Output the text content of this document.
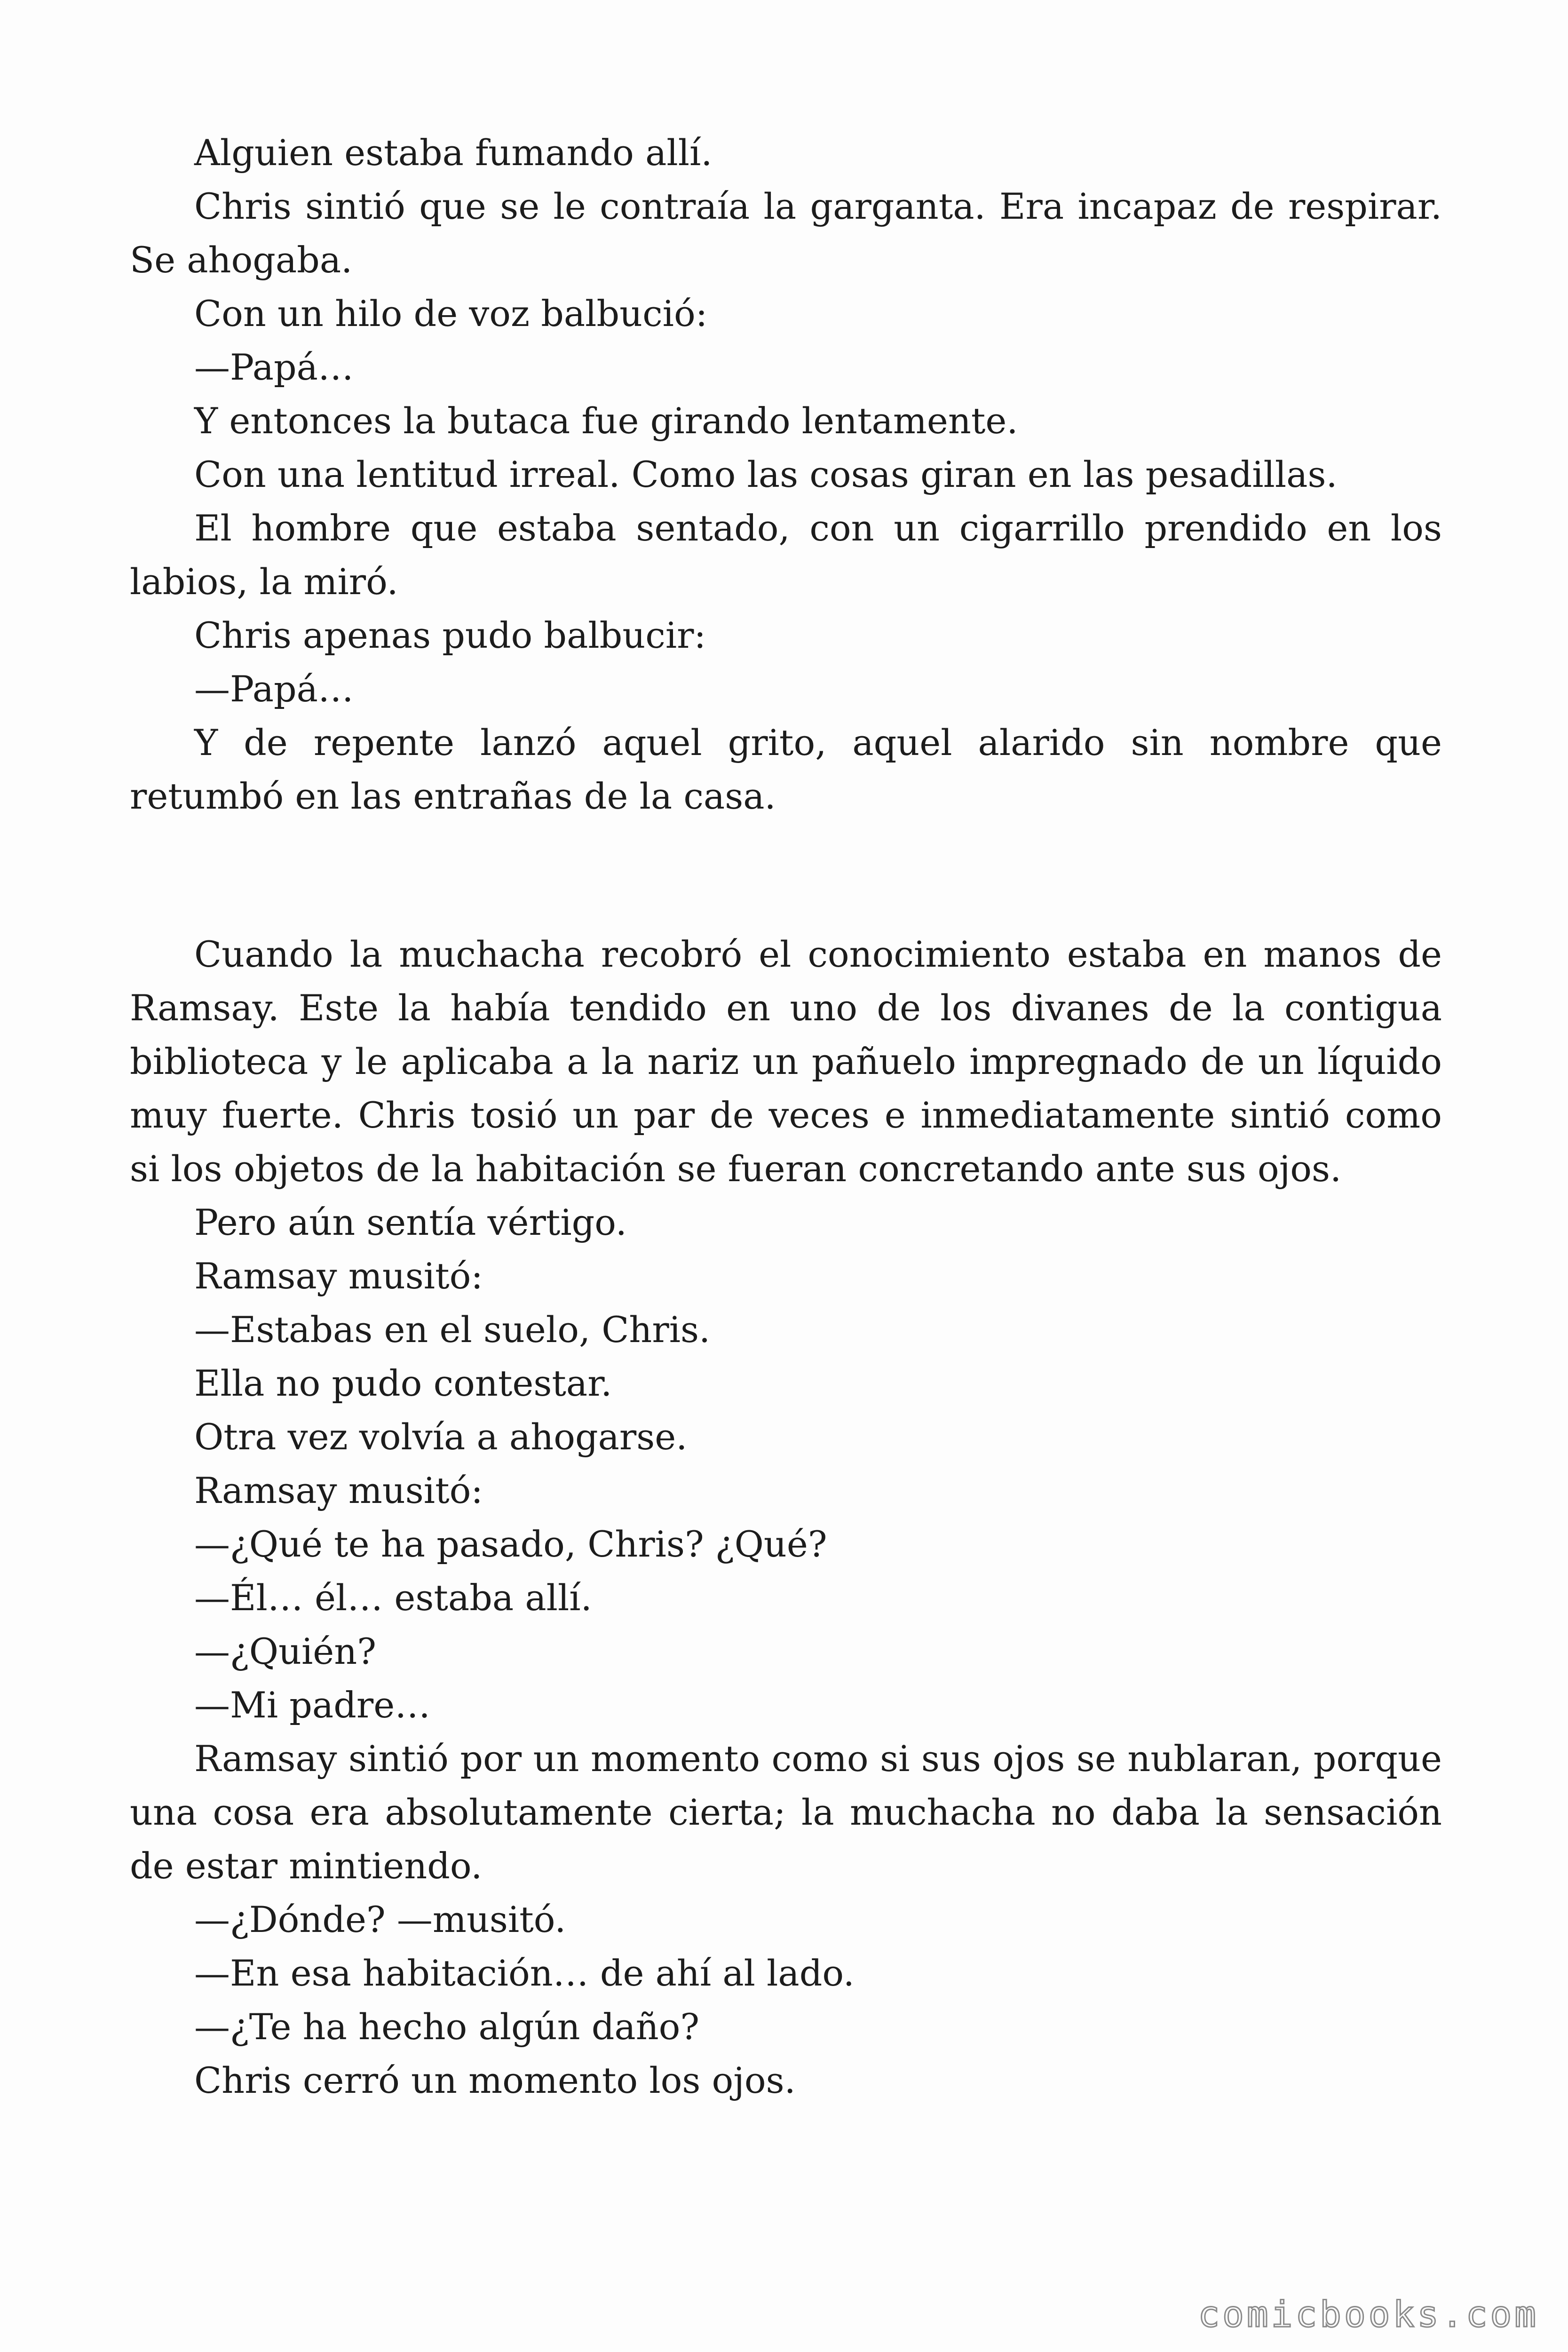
Alguien estaba fumando allí.

Chris sintió que se le contraía la garganta. Era incapaz de respirar. Se ahogaba.

Con un hilo de voz balbució:

—Papá…

Y entonces la butaca fue girando lentamente.

Con una lentitud irreal. Como las cosas giran en las pesadillas.

El hombre que estaba sentado, con un cigarrillo prendido en los labios, la miró.

Chris apenas pudo balbucir:

—Papá…

Y de repente lanzó aquel grito, aquel alarido sin nombre que retumbó en las entrañas de la casa.

Cuando la muchacha recobró el conocimiento estaba en manos de Ramsay. Este la había tendido en uno de los divanes de la contigua biblioteca y le aplicaba a la nariz un pañuelo impregnado de un líquido muy fuerte. Chris tosió un par de veces e inmediatamente sintió como si los objetos de la habitación se fueran concretando ante sus ojos.

Pero aún sentía vértigo.

Ramsay musitó:

—Estabas en el suelo, Chris.

Ella no pudo contestar.

Otra vez volvía a ahogarse.

Ramsay musitó:

—¿Qué te ha pasado, Chris? ¿Qué?

—Él… él… estaba allí.

—¿Quién?

—Mi padre…

Ramsay sintió por un momento como si sus ojos se nublaran, porque una cosa era absolutamente cierta; la muchacha no daba la sensación de estar mintiendo.

—¿Dónde? —musitó.

—En esa habitación… de ahí al lado.

—¿Te ha hecho algún daño?

Chris cerró un momento los ojos.

comicbooks.com
